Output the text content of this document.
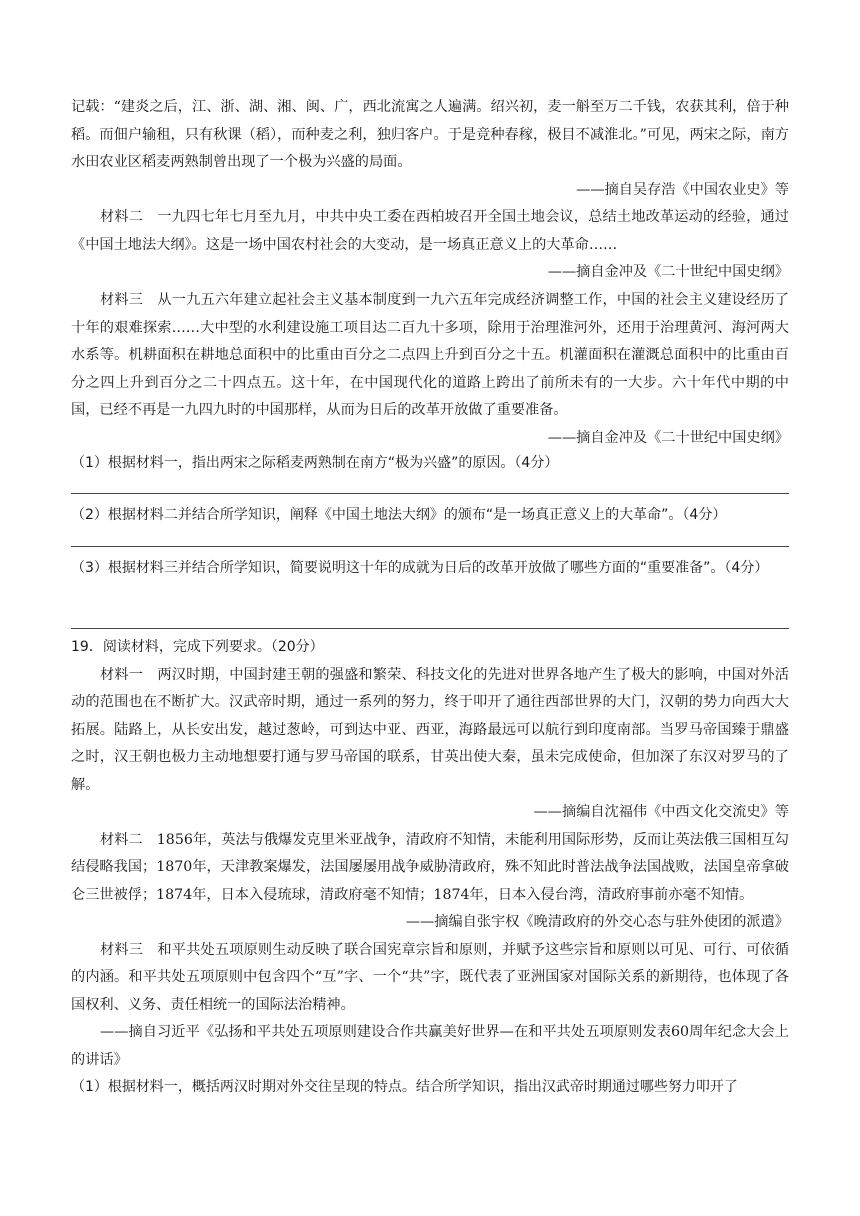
记载：“建炎之后，江、浙、湖、湘、闽、广，西北流寓之人遍满。绍兴初，麦一斛至万二千钱，农获其利，倍于种稻。而佃户输租，只有秋课（稻），而种麦之利，独归客户。于是竞种春稼，极目不减淮北。”可见，两宋之际，南方水田农业区稻麦两熟制曾出现了一个极为兴盛的局面。

——摘自吴存浩《中国农业史》等

材料二　一九四七年七月至九月，中共中央工委在西柏坡召开全国土地会议，总结土地改革运动的经验，通过《中国土地法大纲》。这是一场中国农村社会的大变动，是一场真正意义上的大革命……

——摘自金冲及《二十世纪中国史纲》

材料三　从一九五六年建立起社会主义基本制度到一九六五年完成经济调整工作，中国的社会主义建设经历了十年的艰难探索……大中型的水利建设施工项目达二百九十多项，除用于治理淮河外，还用于治理黄河、海河两大水系等。机耕面积在耕地总面积中的比重由百分之二点四上升到百分之十五。机灌面积在灌溉总面积中的比重由百分之四上升到百分之二十四点五。这十年，在中国现代化的道路上跨出了前所未有的一大步。六十年代中期的中国，已经不再是一九四九时的中国那样，从而为日后的改革开放做了重要准备。

——摘自金冲及《二十世纪中国史纲》

（1）根据材料一，指出两宋之际稻麦两熟制在南方“极为兴盛”的原因。（4分）

（2）根据材料二并结合所学知识，阐释《中国土地法大纲》的颁布“是一场真正意义上的大革命”。（4分）

（3）根据材料三并结合所学知识，简要说明这十年的成就为日后的改革开放做了哪些方面的“重要准备”。（4分）

19．阅读材料，完成下列要求。（20分）

材料一　两汉时期，中国封建王朝的强盛和繁荣、科技文化的先进对世界各地产生了极大的影响，中国对外活动的范围也在不断扩大。汉武帝时期，通过一系列的努力，终于叩开了通往西部世界的大门，汉朝的势力向西大大拓展。陆路上，从长安出发，越过葱岭，可到达中亚、西亚，海路最远可以航行到印度南部。当罗马帝国臻于鼎盛之时，汉王朝也极力主动地想要打通与罗马帝国的联系，甘英出使大秦，虽未完成使命，但加深了东汉对罗马的了解。

——摘编自沈福伟《中西文化交流史》等

材料二　1856年，英法与俄爆发克里米亚战争，清政府不知情，未能利用国际形势，反而让英法俄三国相互勾结侵略我国；1870年，天津教案爆发，法国屡屡用战争威胁清政府，殊不知此时普法战争法国战败，法国皇帝拿破仑三世被俘；1874年，日本入侵琉球，清政府毫不知情；1874年，日本入侵台湾，清政府事前亦毫不知情。

——摘编自张宇权《晚清政府的外交心态与驻外使团的派遣》

材料三　和平共处五项原则生动反映了联合国宪章宗旨和原则，并赋予这些宗旨和原则以可见、可行、可依循的内涵。和平共处五项原则中包含四个“互”字、一个“共”字，既代表了亚洲国家对国际关系的新期待，也体现了各国权利、义务、责任相统一的国际法治精神。

——摘自习近平《弘扬和平共处五项原则建设合作共赢美好世界—在和平共处五项原则发表60周年纪念大会上的讲话》

（1）根据材料一，概括两汉时期对外交往呈现的特点。结合所学知识，指出汉武帝时期通过哪些努力叩开了
